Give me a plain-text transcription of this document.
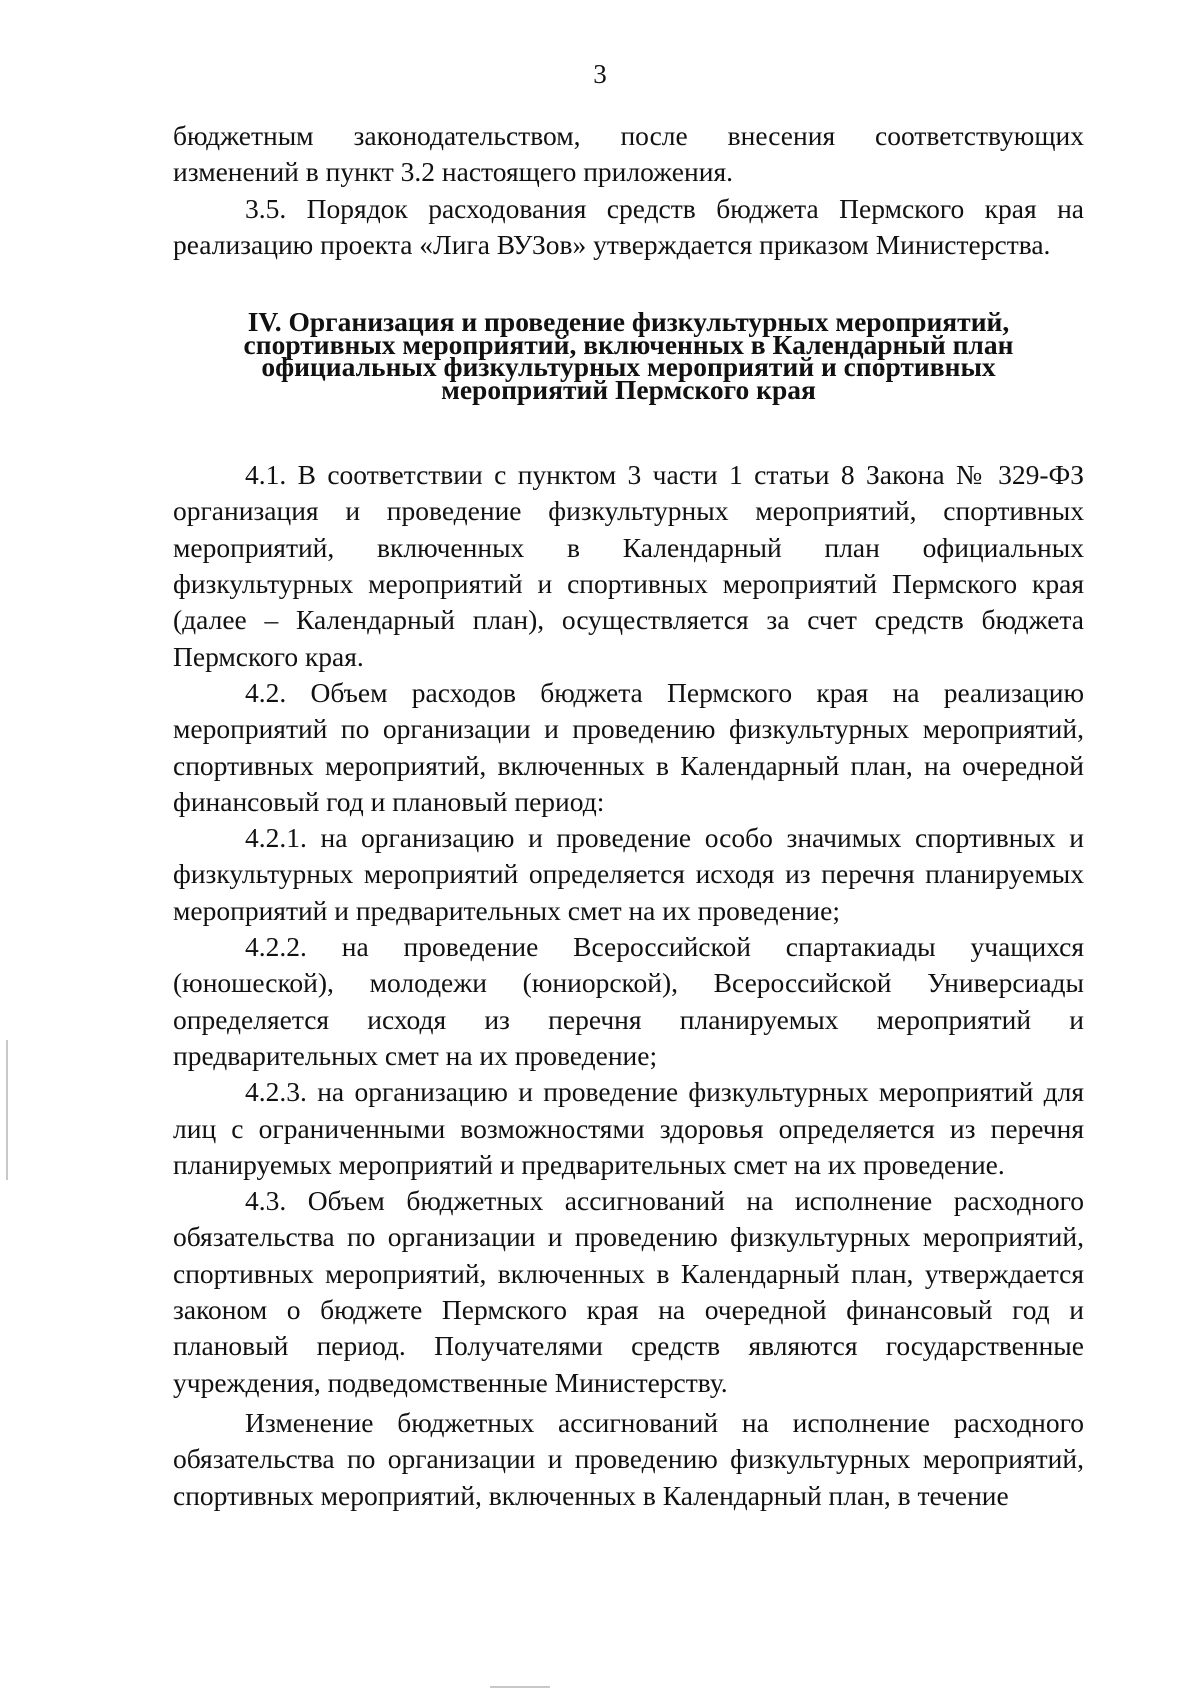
3

бюджетным законодательством, после внесения соответствующих изменений в пункт 3.2 настоящего приложения.

3.5. Порядок расходования средств бюджета Пермского края на реализацию проекта «Лига ВУЗов» утверждается приказом Министерства.

IV. Организация и проведение физкультурных мероприятий,
спортивных мероприятий, включенных в Календарный план
официальных физкультурных мероприятий и спортивных
мероприятий Пермского края

4.1. В соответствии с пунктом 3 части 1 статьи 8 Закона № 329-ФЗ организация и проведение физкультурных мероприятий, спортивных мероприятий, включенных в Календарный план официальных физкультурных мероприятий и спортивных мероприятий Пермского края (далее – Календарный план), осуществляется за счет средств бюджета Пермского края.

4.2. Объем расходов бюджета Пермского края на реализацию мероприятий по организации и проведению физкультурных мероприятий, спортивных мероприятий, включенных в Календарный план, на очередной финансовый год и плановый период:

4.2.1. на организацию и проведение особо значимых спортивных и физкультурных мероприятий определяется исходя из перечня планируемых мероприятий и предварительных смет на их проведение;

4.2.2. на проведение Всероссийской спартакиады учащихся (юношеской), молодежи (юниорской), Всероссийской Универсиады определяется исходя из перечня планируемых мероприятий и предварительных смет на их проведение;

4.2.3. на организацию и проведение физкультурных мероприятий для лиц с ограниченными возможностями здоровья определяется из перечня планируемых мероприятий и предварительных смет на их проведение.

4.3. Объем бюджетных ассигнований на исполнение расходного обязательства по организации и проведению физкультурных мероприятий, спортивных мероприятий, включенных в Календарный план, утверждается законом о бюджете Пермского края на очередной финансовый год и плановый период. Получателями средств являются государственные учреждения, подведомственные Министерству.

Изменение бюджетных ассигнований на исполнение расходного обязательства по организации и проведению физкультурных мероприятий, спортивных мероприятий, включенных в Календарный план, в течение
